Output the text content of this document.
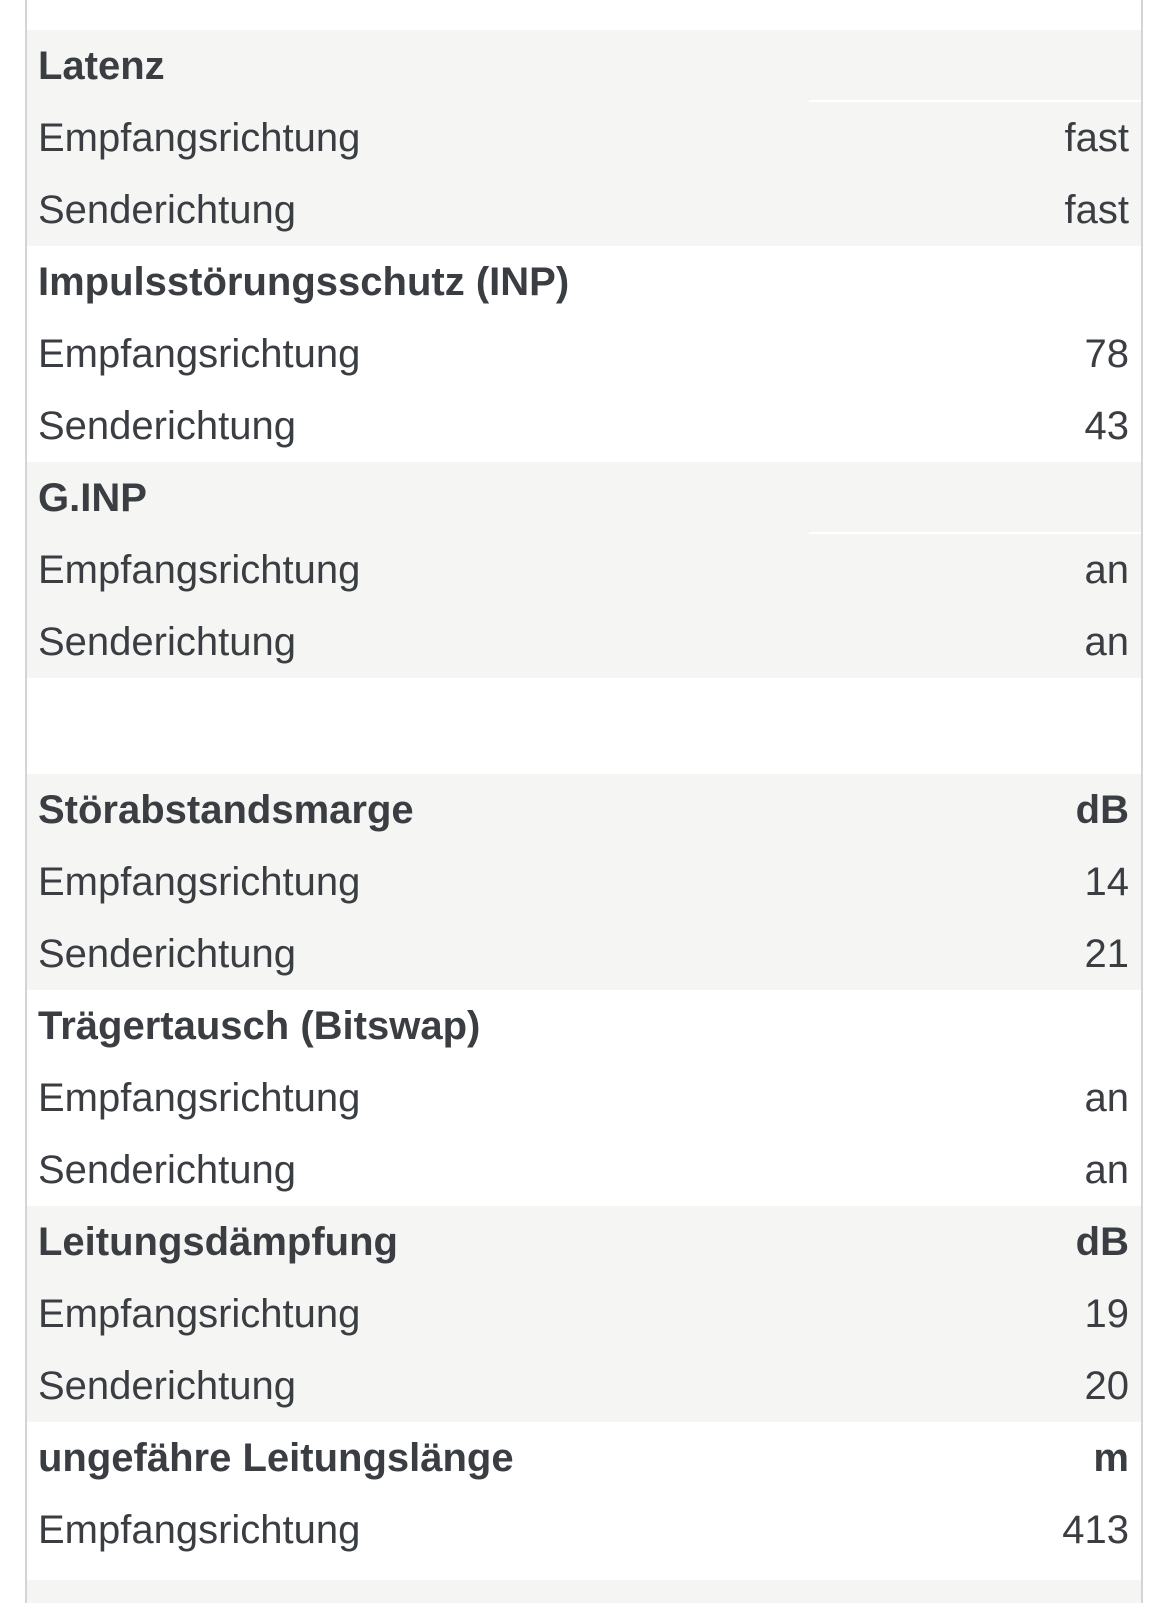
Latenz
Empfangsrichtung	fast
Senderichtung	fast
Impulsstörungsschutz (INP)
Empfangsrichtung	78
Senderichtung	43
G.INP
Empfangsrichtung	an
Senderichtung	an
Störabstandsmarge	dB
Empfangsrichtung	14
Senderichtung	21
Trägertausch (Bitswap)
Empfangsrichtung	an
Senderichtung	an
Leitungsdämpfung	dB
Empfangsrichtung	19
Senderichtung	20
ungefähre Leitungslänge	m
Empfangsrichtung	413
